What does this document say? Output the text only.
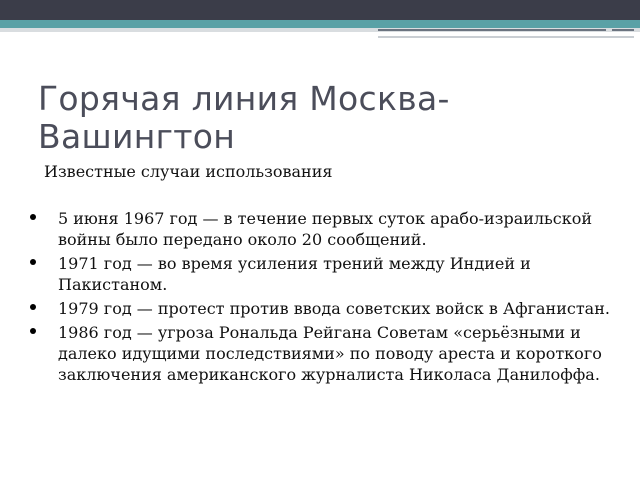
Горячая линия Москва-Вашингтон
Известные случаи использования
5 июня 1967 год — в течение первых суток арабо-израильской войны было передано около 20 сообщений.
1971 год — во время усиления трений между Индией и Пакистаном.
1979 год — протест против ввода советских войск в Афганистан.
1986 год — угроза Рональда Рейгана Советам «серьёзными и далеко идущими последствиями» по поводу ареста и короткого заключения американского журналиста Николаса Данилоффа.
